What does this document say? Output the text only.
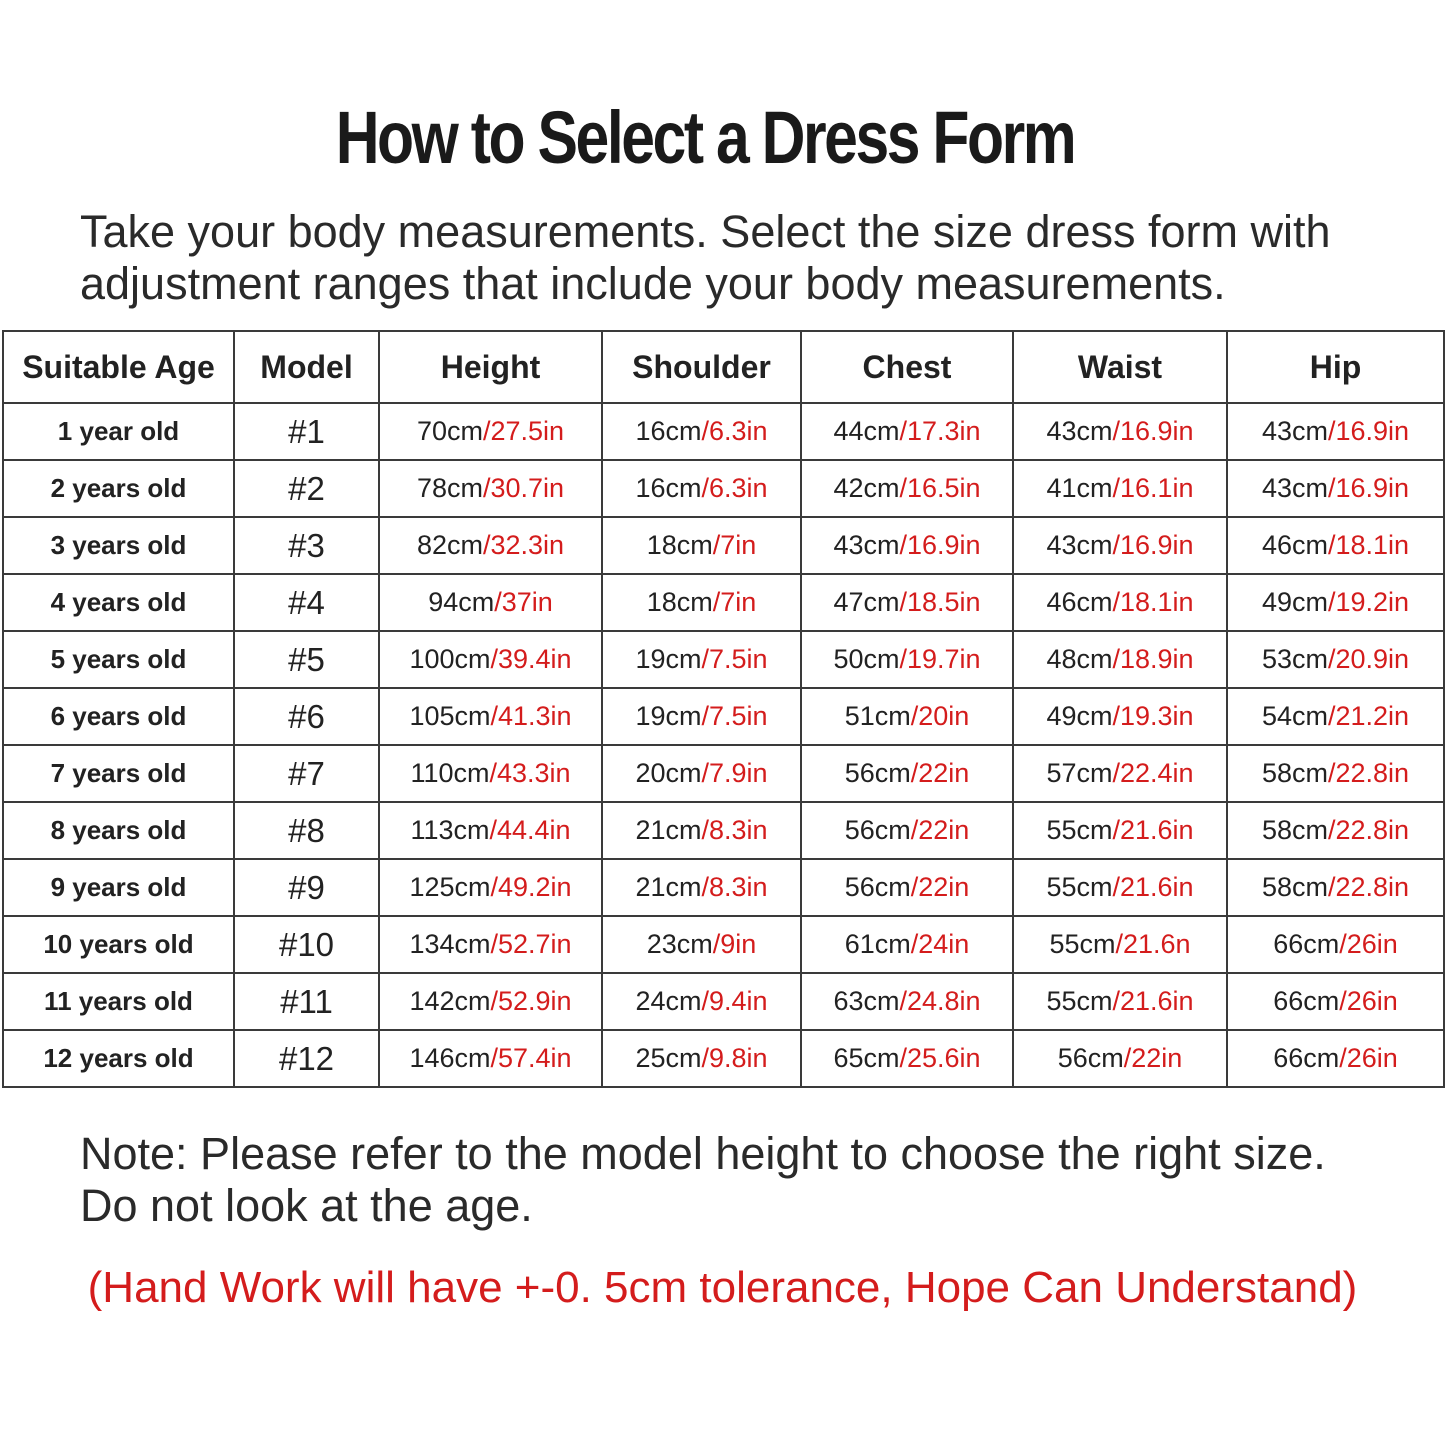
How to Select a Dress Form
Take your body measurements. Select the size dress form with
adjustment ranges that include your body measurements.
Suitable Age	Model	Height	Shoulder	Chest	Waist	Hip
1 year old	#1	70cm/27.5in	16cm/6.3in	44cm/17.3in	43cm/16.9in	43cm/16.9in
2 years old	#2	78cm/30.7in	16cm/6.3in	42cm/16.5in	41cm/16.1in	43cm/16.9in
3 years old	#3	82cm/32.3in	18cm/7in	43cm/16.9in	43cm/16.9in	46cm/18.1in
4 years old	#4	94cm/37in	18cm/7in	47cm/18.5in	46cm/18.1in	49cm/19.2in
5 years old	#5	100cm/39.4in	19cm/7.5in	50cm/19.7in	48cm/18.9in	53cm/20.9in
6 years old	#6	105cm/41.3in	19cm/7.5in	51cm/20in	49cm/19.3in	54cm/21.2in
7 years old	#7	110cm/43.3in	20cm/7.9in	56cm/22in	57cm/22.4in	58cm/22.8in
8 years old	#8	113cm/44.4in	21cm/8.3in	56cm/22in	55cm/21.6in	58cm/22.8in
9 years old	#9	125cm/49.2in	21cm/8.3in	56cm/22in	55cm/21.6in	58cm/22.8in
10 years old	#10	134cm/52.7in	23cm/9in	61cm/24in	55cm/21.6n	66cm/26in
11 years old	#11	142cm/52.9in	24cm/9.4in	63cm/24.8in	55cm/21.6in	66cm/26in
12 years old	#12	146cm/57.4in	25cm/9.8in	65cm/25.6in	56cm/22in	66cm/26in
Note: Please refer to the model height to choose the right size.
Do not look at the age.
(Hand Work will have +-0. 5cm tolerance, Hope Can Understand)
